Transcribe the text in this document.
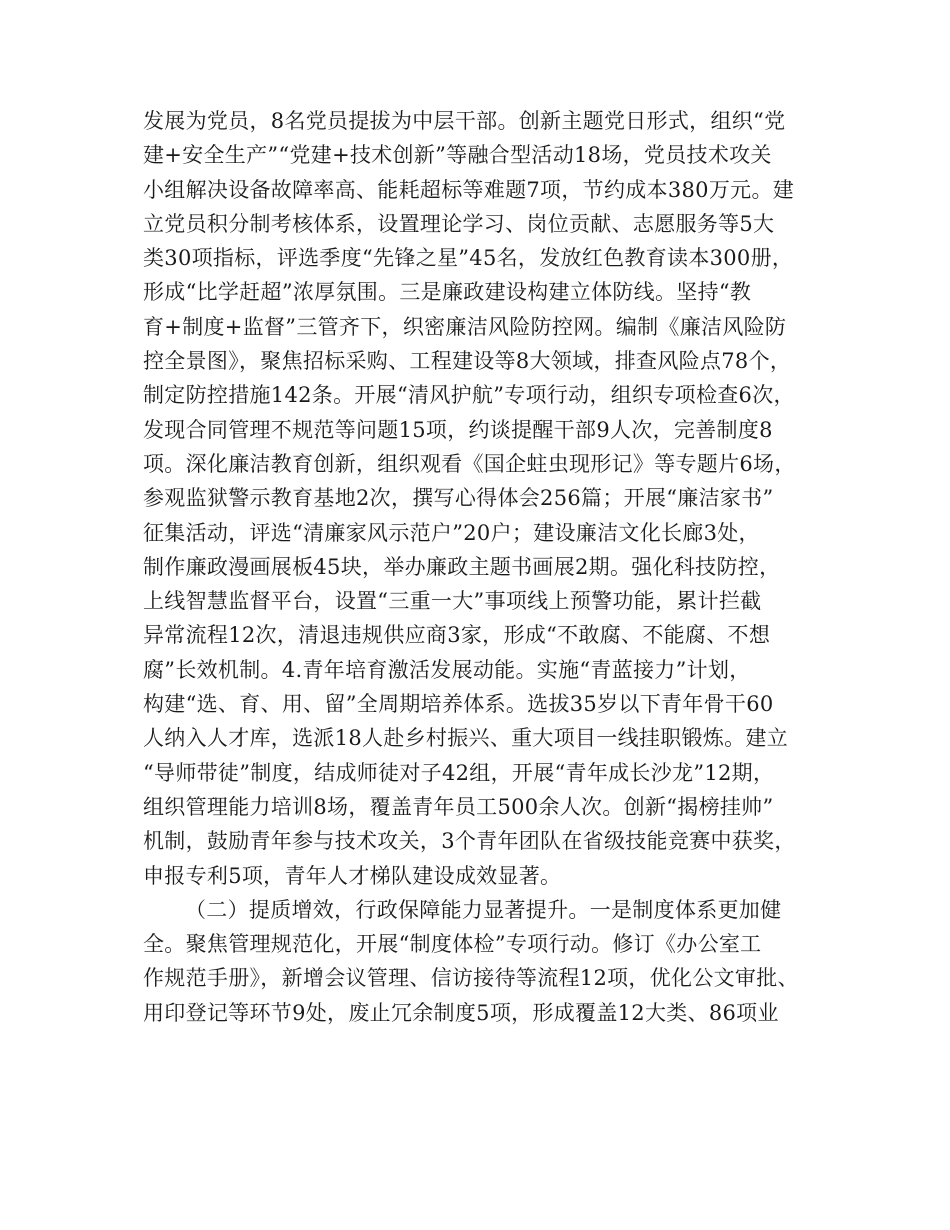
发展为党员，8名党员提拔为中层干部。创新主题党日形式，组织“党
建+安全生产”“党建+技术创新”等融合型活动18场，党员技术攻关
小组解决设备故障率高、能耗超标等难题7项，节约成本380万元。建
立党员积分制考核体系，设置理论学习、岗位贡献、志愿服务等5大
类30项指标，评选季度“先锋之星”45名，发放红色教育读本300册，
形成“比学赶超”浓厚氛围。三是廉政建设构建立体防线。坚持“教
育+制度+监督”三管齐下，织密廉洁风险防控网。编制《廉洁风险防
控全景图》，聚焦招标采购、工程建设等8大领域，排查风险点78个，
制定防控措施142条。开展“清风护航”专项行动，组织专项检查6次，
发现合同管理不规范等问题15项，约谈提醒干部9人次，完善制度8
项。深化廉洁教育创新，组织观看《国企蛀虫现形记》等专题片6场，
参观监狱警示教育基地2次，撰写心得体会256篇；开展“廉洁家书”
征集活动，评选“清廉家风示范户”20户；建设廉洁文化长廊3处，
制作廉政漫画展板45块，举办廉政主题书画展2期。强化科技防控，
上线智慧监督平台，设置“三重一大”事项线上预警功能，累计拦截
异常流程12次，清退违规供应商3家，形成“不敢腐、不能腐、不想
腐”长效机制。4.青年培育激活发展动能。实施“青蓝接力”计划，
构建“选、育、用、留”全周期培养体系。选拔35岁以下青年骨干60
人纳入人才库，选派18人赴乡村振兴、重大项目一线挂职锻炼。建立
“导师带徒”制度，结成师徒对子42组，开展“青年成长沙龙”12期，
组织管理能力培训8场，覆盖青年员工500余人次。创新“揭榜挂帅”
机制，鼓励青年参与技术攻关，3个青年团队在省级技能竞赛中获奖，
申报专利5项，青年人才梯队建设成效显著。
（二）提质增效，行政保障能力显著提升。一是制度体系更加健
全。聚焦管理规范化，开展“制度体检”专项行动。修订《办公室工
作规范手册》，新增会议管理、信访接待等流程12项，优化公文审批、
用印登记等环节9处，废止冗余制度5项，形成覆盖12大类、86项业
